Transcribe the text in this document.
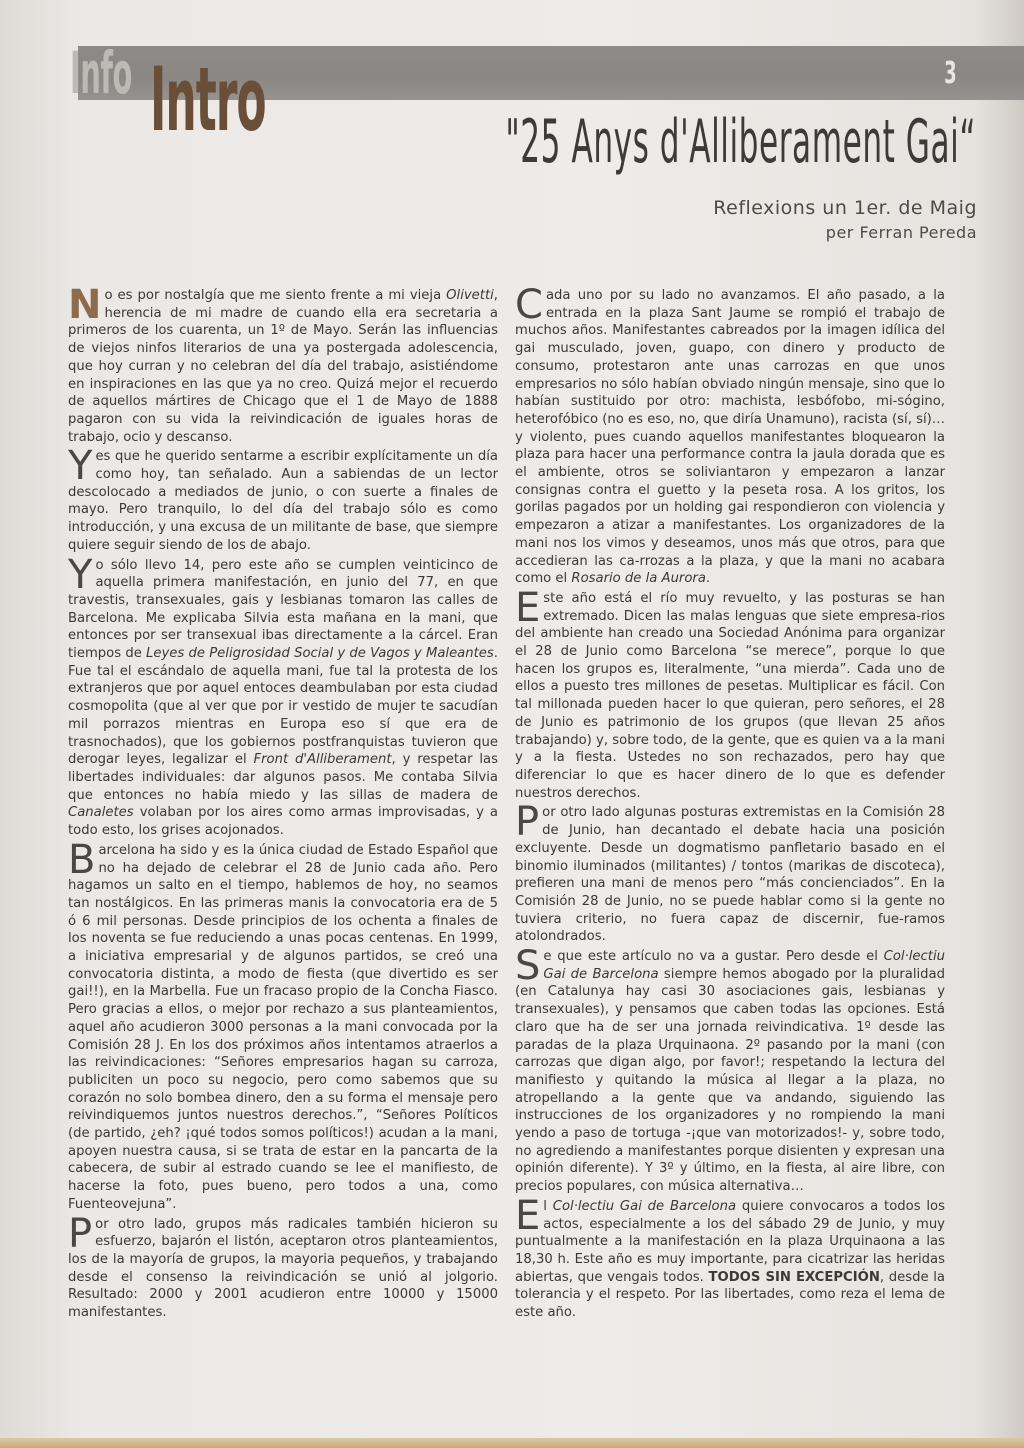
Info Intro	3
"25 Anys d'Alliberament Gai“
Reflexions un 1er. de Maig
per Ferran Pereda

No es por nostalgía que me siento frente a mi vieja Olivetti, herencia de mi madre de cuando ella era secretaria a primeros de los cuarenta, un 1º de Mayo. Serán las influencias de viejos ninfos literarios de una ya postergada adolescencia, que hoy curran y no celebran del día del trabajo, asistiéndome en inspiraciones en las que ya no creo. Quizá mejor el recuerdo de aquellos mártires de Chicago que el 1 de Mayo de 1888 pagaron con su vida la reivindicación de iguales horas de trabajo, ocio y descanso.

Y es que he querido sentarme a escribir explícitamente un día como hoy, tan señalado. Aun a sabiendas de un lector descolocado a mediados de junio, o con suerte a finales de mayo. Pero tranquilo, lo del día del trabajo sólo es como introducción, y una excusa de un militante de base, que siempre quiere seguir siendo de los de abajo.

Yo sólo llevo 14, pero este año se cumplen veinticinco de aquella primera manifestación, en junio del 77, en que travestis, transexuales, gais y lesbianas tomaron las calles de Barcelona. Me explicaba Silvia esta mañana en la mani, que entonces por ser transexual ibas directamente a la cárcel. Eran tiempos de Leyes de Peligrosidad Social y de Vagos y Maleantes. Fue tal el escándalo de aquella mani, fue tal la protesta de los extranjeros que por aquel entoces deambulaban por esta ciudad cosmopolita (que al ver que por ir vestido de mujer te sacudían mil porrazos mientras en Europa eso sí que era de trasnochados), que los gobiernos postfranquistas tuvieron que derogar leyes, legalizar el Front d'Alliberament, y respetar las libertades individuales: dar algunos pasos. Me contaba Silvia que entonces no había miedo y las sillas de madera de Canaletes volaban por los aires como armas improvisadas, y a todo esto, los grises acojonados.

Barcelona ha sido y es la única ciudad de Estado Español que no ha dejado de celebrar el 28 de Junio cada año. Pero hagamos un salto en el tiempo, hablemos de hoy, no seamos tan nostálgicos. En las primeras manis la convocatoria era de 5 ó 6 mil personas. Desde principios de los ochenta a finales de los noventa se fue reduciendo a unas pocas centenas. En 1999, a iniciativa empresarial y de algunos partidos, se creó una convocatoria distinta, a modo de fiesta (que divertido es ser gai!!), en la Marbella. Fue un fracaso propio de la Concha Fiasco. Pero gracias a ellos, o mejor por rechazo a sus planteamientos, aquel año acudieron 3000 personas a la mani convocada por la Comisión 28 J. En los dos próximos años intentamos atraerlos a las reivindicaciones: “Señores empresarios hagan su carroza, publiciten un poco su negocio, pero como sabemos que su corazón no solo bombea dinero, den a su forma el mensaje pero reivindiquemos juntos nuestros derechos.”, “Señores Políticos (de partido, ¿eh? ¡qué todos somos políticos!) acudan a la mani, apoyen nuestra causa, si se trata de estar en la pancarta de la cabecera, de subir al estrado cuando se lee el manifiesto, de hacerse la foto, pues bueno, pero todos a una, como Fuenteovejuna”.

Por otro lado, grupos más radicales también hicieron su esfuerzo, bajarón el listón, aceptaron otros planteamientos, los de la mayoría de grupos, la mayoria pequeños, y trabajando desde el consenso la reivindicación se unió al jolgorio. Resultado: 2000 y 2001 acudieron entre 10000 y 15000 manifestantes.

Cada uno por su lado no avanzamos. El año pasado, a la entrada en la plaza Sant Jaume se rompió el trabajo de muchos años. Manifestantes cabreados por la imagen idílica del gai musculado, joven, guapo, con dinero y producto de consumo, protestaron ante unas carrozas en que unos empresarios no sólo habían obviado ningún mensaje, sino que lo habían sustituido por otro: machista, lesbófobo, mi-sógino, heterofóbico (no es eso, no, que diría Unamuno), racista (sí, sí)… y violento, pues cuando aquellos manifestantes bloquearon la plaza para hacer una performance contra la jaula dorada que es el ambiente, otros se soliviantaron y empezaron a lanzar consignas contra el guetto y la peseta rosa. A los gritos, los gorilas pagados por un holding gai respondieron con violencia y empezaron a atizar a manifestantes. Los organizadores de la mani nos los vimos y deseamos, unos más que otros, para que accedieran las ca-rrozas a la plaza, y que la mani no acabara como el Rosario de la Aurora.

Este año está el río muy revuelto, y las posturas se han extremado. Dicen las malas lenguas que siete empresa-rios del ambiente han creado una Sociedad Anónima para organizar el 28 de Junio como Barcelona “se merece”, porque lo que hacen los grupos es, literalmente, “una mierda”. Cada uno de ellos a puesto tres millones de pesetas. Multiplicar es fácil. Con tal millonada pueden hacer lo que quieran, pero señores, el 28 de Junio es patrimonio de los grupos (que llevan 25 años trabajando) y, sobre todo, de la gente, que es quien va a la mani y a la fiesta. Ustedes no son rechazados, pero hay que diferenciar lo que es hacer dinero de lo que es defender nuestros derechos.

Por otro lado algunas posturas extremistas en la Comisión 28 de Junio, han decantado el debate hacia una posición excluyente. Desde un dogmatismo panfletario basado en el binomio iluminados (militantes) / tontos (marikas de discoteca), prefieren una mani de menos pero “más concienciados”. En la Comisión 28 de Junio, no se puede hablar como si la gente no tuviera criterio, no fuera capaz de discernir, fue-ramos atolondrados.

Se que este artículo no va a gustar. Pero desde el Col·lectiu Gai de Barcelona siempre hemos abogado por la pluralidad (en Catalunya hay casi 30 asociaciones gais, lesbianas y transexuales), y pensamos que caben todas las opciones. Está claro que ha de ser una jornada reivindicativa. 1º desde las paradas de la plaza Urquinaona. 2º pasando por la mani (con carrozas que digan algo, por favor!; respetando la lectura del manifiesto y quitando la música al llegar a la plaza, no atropellando a la gente que va andando, siguiendo las instrucciones de los organizadores y no rompiendo la mani yendo a paso de tortuga -¡que van motorizados!- y, sobre todo, no agrediendo a manifestantes porque disienten y expresan una opinión diferente). Y 3º y último, en la fiesta, al aire libre, con precios populares, con música alternativa…

El Col·lectiu Gai de Barcelona quiere convocaros a todos los actos, especialmente a los del sábado 29 de Junio, y muy puntualmente a la manifestación en la plaza Urquinaona a las 18,30 h. Este año es muy importante, para cicatrizar las heridas abiertas, que vengais todos. TODOS SIN EXCEPCIÓN, desde la tolerancia y el respeto. Por las libertades, como reza el lema de este año.
